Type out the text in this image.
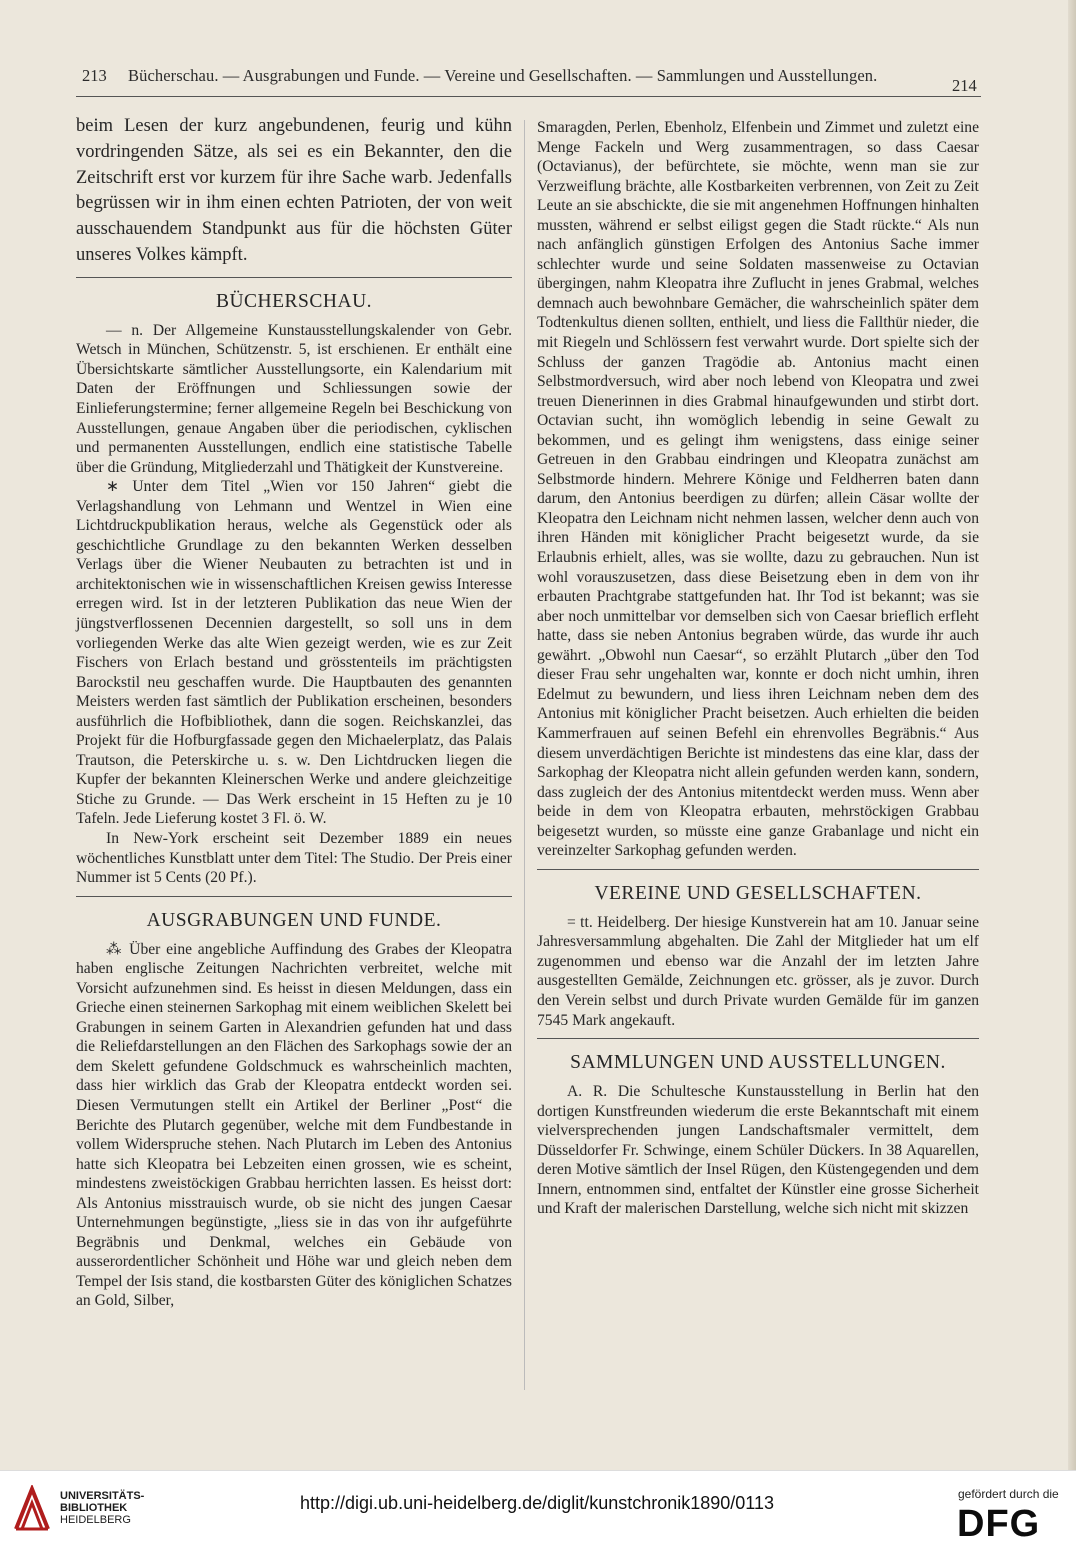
213 Bücherschau. — Ausgrabungen und Funde. — Vereine und Gesellschaften. — Sammlungen und Ausstellungen.
214

beim Lesen der kurz angebundenen, feurig und kühn vordringenden Sätze, als sei es ein Bekannter, den die Zeitschrift erst vor kurzem für ihre Sache warb. Jedenfalls begrüssen wir in ihm einen echten Patrioten, der von weit ausschauendem Standpunkt aus für die höchsten Güter unseres Volkes kämpft.

BÜCHERSCHAU.

— n. Der Allgemeine Kunstausstellungskalender von Gebr. Wetsch in München, Schützenstr. 5, ist erschienen. Er enthält eine Übersichtskarte sämtlicher Ausstellungsorte, ein Kalendarium mit Daten der Eröffnungen und Schliessungen sowie der Einlieferungstermine; ferner allgemeine Regeln bei Beschickung von Ausstellungen, genaue Angaben über die periodischen, cyklischen und permanenten Ausstellungen, endlich eine statistische Tabelle über die Gründung, Mitgliederzahl und Thätigkeit der Kunstvereine.

∗ Unter dem Titel „Wien vor 150 Jahren“ giebt die Verlagshandlung von Lehmann und Wentzel in Wien eine Lichtdruckpublikation heraus, welche als Gegenstück oder als geschichtliche Grundlage zu den bekannten Werken desselben Verlags über die Wiener Neubauten zu betrachten ist und in architektonischen wie in wissenschaftlichen Kreisen gewiss Interesse erregen wird. Ist in der letzteren Publikation das neue Wien der jüngstverflossenen Decennien dargestellt, so soll uns in dem vorliegenden Werke das alte Wien gezeigt werden, wie es zur Zeit Fischers von Erlach bestand und grösstenteils im prächtigsten Barockstil neu geschaffen wurde. Die Hauptbauten des genannten Meisters werden fast sämtlich der Publikation erscheinen, besonders ausführlich die Hofbibliothek, dann die sogen. Reichskanzlei, das Projekt für die Hofburgfassade gegen den Michaelerplatz, das Palais Trautson, die Peterskirche u. s. w. Den Lichtdrucken liegen die Kupfer der bekannten Kleinerschen Werke und andere gleichzeitige Stiche zu Grunde. — Das Werk erscheint in 15 Heften zu je 10 Tafeln. Jede Lieferung kostet 3 Fl. ö. W.

In New-York erscheint seit Dezember 1889 ein neues wöchentliches Kunstblatt unter dem Titel: The Studio. Der Preis einer Nummer ist 5 Cents (20 Pf.).

AUSGRABUNGEN UND FUNDE.

⁂ Über eine angebliche Auffindung des Grabes der Kleopatra haben englische Zeitungen Nachrichten verbreitet, welche mit Vorsicht aufzunehmen sind. Es heisst in diesen Meldungen, dass ein Grieche einen steinernen Sarkophag mit einem weiblichen Skelett bei Grabungen in seinem Garten in Alexandrien gefunden hat und dass die Reliefdarstellungen an den Flächen des Sarkophags sowie der an dem Skelett gefundene Goldschmuck es wahrscheinlich machten, dass hier wirklich das Grab der Kleopatra entdeckt worden sei. Diesen Vermutungen stellt ein Artikel der Berliner „Post“ die Berichte des Plutarch gegenüber, welche mit dem Fundbestande in vollem Widerspruche stehen. Nach Plutarch im Leben des Antonius hatte sich Kleopatra bei Lebzeiten einen grossen, wie es scheint, mindestens zweistöckigen Grabbau herrichten lassen. Es heisst dort: Als Antonius misstrauisch wurde, ob sie nicht des jungen Caesar Unternehmungen begünstigte, „liess sie in das von ihr aufgeführte Begräbnis und Denkmal, welches ein Gebäude von ausserordentlicher Schönheit und Höhe war und gleich neben dem Tempel der Isis stand, die kostbarsten Güter des königlichen Schatzes an Gold, Silber,

Smaragden, Perlen, Ebenholz, Elfenbein und Zimmet und zuletzt eine Menge Fackeln und Werg zusammentragen, so dass Caesar (Octavianus), der befürchtete, sie möchte, wenn man sie zur Verzweiflung brächte, alle Kostbarkeiten verbrennen, von Zeit zu Zeit Leute an sie abschickte, die sie mit angenehmen Hoffnungen hinhalten mussten, während er selbst eiligst gegen die Stadt rückte.“ Als nun nach anfänglich günstigen Erfolgen des Antonius Sache immer schlechter wurde und seine Soldaten massenweise zu Octavian übergingen, nahm Kleopatra ihre Zuflucht in jenes Grabmal, welches demnach auch bewohnbare Gemächer, die wahrscheinlich später dem Todtenkultus dienen sollten, enthielt, und liess die Fallthür nieder, die mit Riegeln und Schlössern fest verwahrt wurde. Dort spielte sich der Schluss der ganzen Tragödie ab. Antonius macht einen Selbstmordversuch, wird aber noch lebend von Kleopatra und zwei treuen Dienerinnen in dies Grabmal hinaufgewunden und stirbt dort. Octavian sucht, ihn womöglich lebendig in seine Gewalt zu bekommen, und es gelingt ihm wenigstens, dass einige seiner Getreuen in den Grabbau eindringen und Kleopatra zunächst am Selbstmorde hindern. Mehrere Könige und Feldherren baten dann darum, den Antonius beerdigen zu dürfen; allein Cäsar wollte der Kleopatra den Leichnam nicht nehmen lassen, welcher denn auch von ihren Händen mit königlicher Pracht beigesetzt wurde, da sie Erlaubnis erhielt, alles, was sie wollte, dazu zu gebrauchen. Nun ist wohl vorauszusetzen, dass diese Beisetzung eben in dem von ihr erbauten Prachtgrabe stattgefunden hat. Ihr Tod ist bekannt; was sie aber noch unmittelbar vor demselben sich von Caesar brieflich erfleht hatte, dass sie neben Antonius begraben würde, das wurde ihr auch gewährt. „Obwohl nun Caesar“, so erzählt Plutarch „über den Tod dieser Frau sehr ungehalten war, konnte er doch nicht umhin, ihren Edelmut zu bewundern, und liess ihren Leichnam neben dem des Antonius mit königlicher Pracht beisetzen. Auch erhielten die beiden Kammerfrauen auf seinen Befehl ein ehrenvolles Begräbnis.“ Aus diesem unverdächtigen Berichte ist mindestens das eine klar, dass der Sarkophag der Kleopatra nicht allein gefunden werden kann, sondern, dass zugleich der des Antonius mitentdeckt werden muss. Wenn aber beide in dem von Kleopatra erbauten, mehrstöckigen Grabbau beigesetzt wurden, so müsste eine ganze Grabanlage und nicht ein vereinzelter Sarkophag gefunden werden.

VEREINE UND GESELLSCHAFTEN.

= tt. Heidelberg. Der hiesige Kunstverein hat am 10. Januar seine Jahresversammlung abgehalten. Die Zahl der Mitglieder hat um elf zugenommen und ebenso war die Anzahl der im letzten Jahre ausgestellten Gemälde, Zeichnungen etc. grösser, als je zuvor. Durch den Verein selbst und durch Private wurden Gemälde für im ganzen 7545 Mark angekauft.

SAMMLUNGEN UND AUSSTELLUNGEN.

A. R. Die Schultesche Kunstausstellung in Berlin hat den dortigen Kunstfreunden wiederum die erste Bekanntschaft mit einem vielversprechenden jungen Landschaftsmaler vermittelt, dem Düsseldorfer Fr. Schwinge, einem Schüler Dückers. In 38 Aquarellen, deren Motive sämtlich der Insel Rügen, den Küstengegenden und dem Innern, entnommen sind, entfaltet der Künstler eine grosse Sicherheit und Kraft der malerischen Darstellung, welche sich nicht mit skizzen

UNIVERSITÄTS-
BIBLIOTHEK
HEIDELBERG
http://digi.ub.uni-heidelberg.de/diglit/kunstchronik1890/0113	gefördert durch die
DFG
